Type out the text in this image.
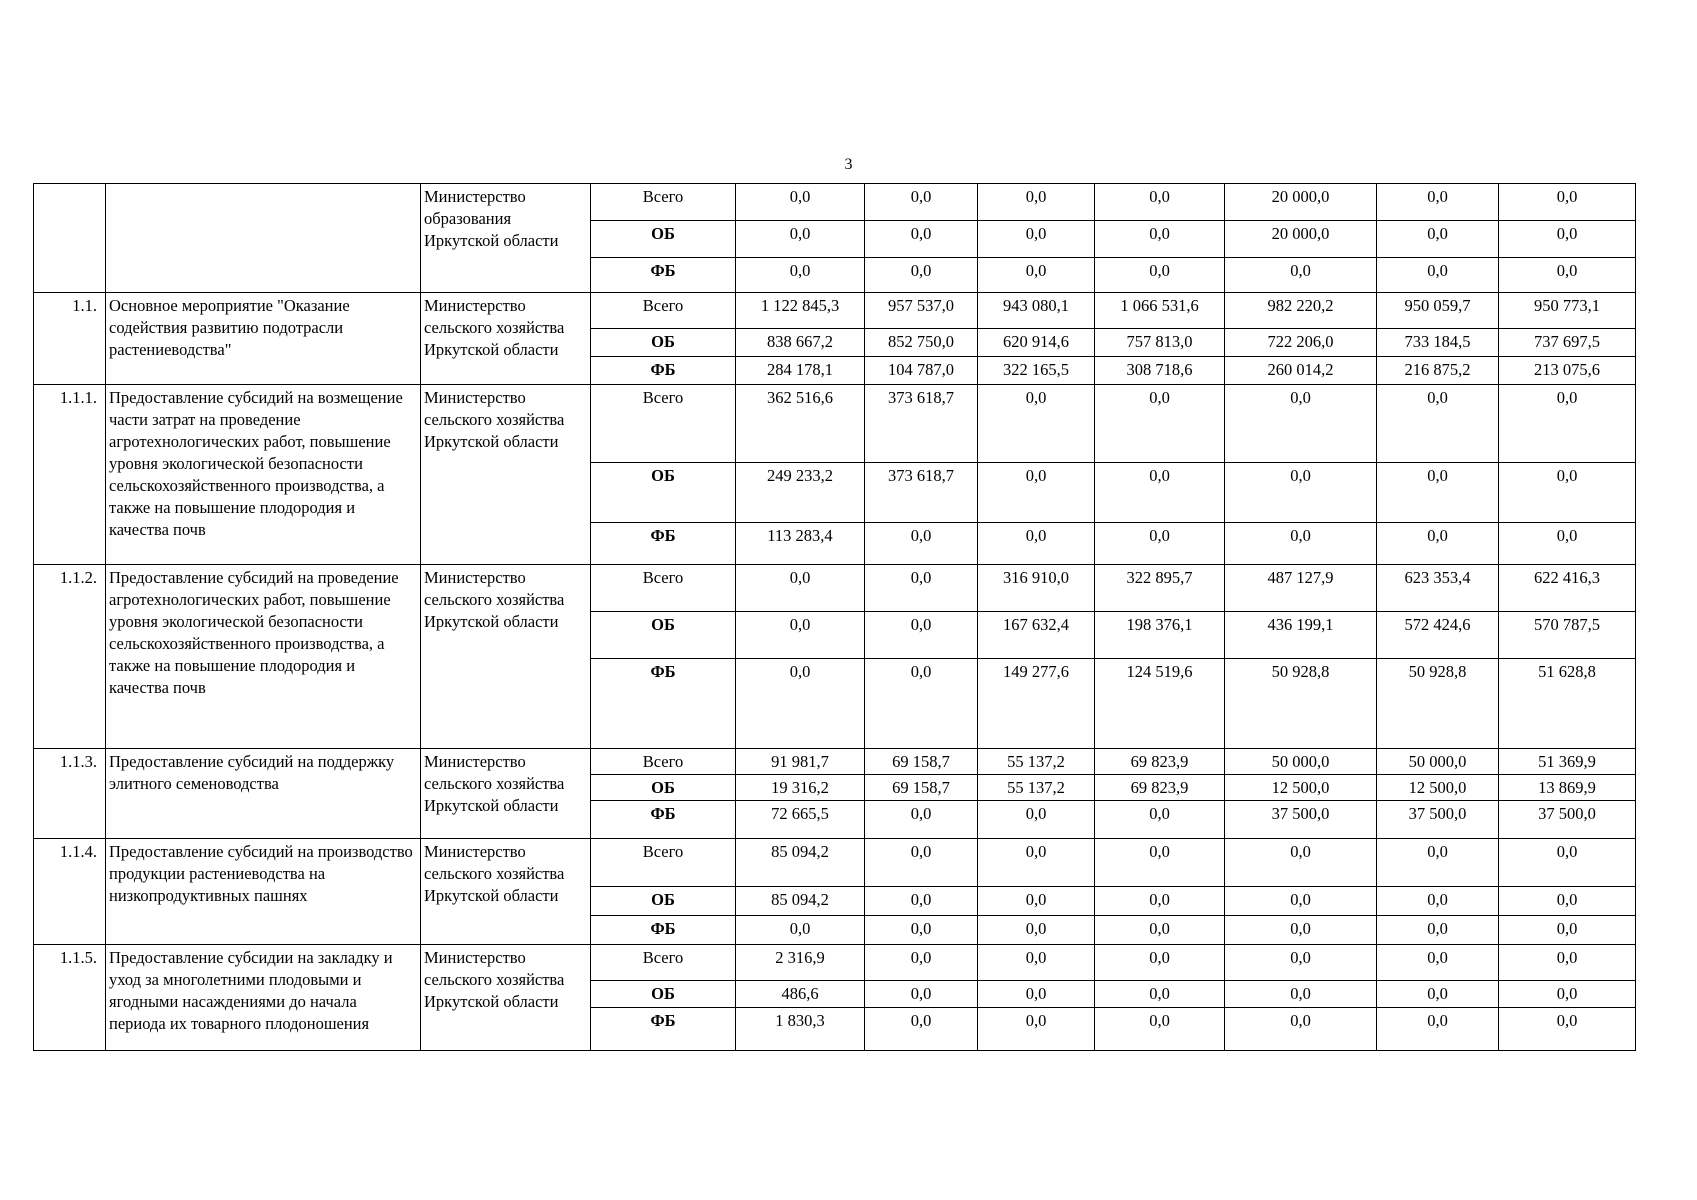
3
		Министерство образования Иркутской области	Всего	0,0	0,0	0,0	0,0	20 000,0	0,0	0,0
			ОБ	0,0	0,0	0,0	0,0	20 000,0	0,0	0,0
			ФБ	0,0	0,0	0,0	0,0	0,0	0,0	0,0
1.1.	Основное мероприятие "Оказание содействия развитию подотрасли растениеводства"	Министерство сельского хозяйства Иркутской области	Всего	1 122 845,3	957 537,0	943 080,1	1 066 531,6	982 220,2	950 059,7	950 773,1
			ОБ	838 667,2	852 750,0	620 914,6	757 813,0	722 206,0	733 184,5	737 697,5
			ФБ	284 178,1	104 787,0	322 165,5	308 718,6	260 014,2	216 875,2	213 075,6
1.1.1.	Предоставление субсидий на возмещение части затрат на проведение агротехнологических работ, повышение уровня экологической безопасности сельскохозяйственного производства, а также на повышение плодородия и качества почв	Министерство сельского хозяйства Иркутской области	Всего	362 516,6	373 618,7	0,0	0,0	0,0	0,0	0,0
			ОБ	249 233,2	373 618,7	0,0	0,0	0,0	0,0	0,0
			ФБ	113 283,4	0,0	0,0	0,0	0,0	0,0	0,0
1.1.2.	Предоставление субсидий на проведение агротехнологических работ, повышение уровня экологической безопасности сельскохозяйственного производства, а также на повышение плодородия и качества почв	Министерство сельского хозяйства Иркутской области	Всего	0,0	0,0	316 910,0	322 895,7	487 127,9	623 353,4	622 416,3
			ОБ	0,0	0,0	167 632,4	198 376,1	436 199,1	572 424,6	570 787,5
			ФБ	0,0	0,0	149 277,6	124 519,6	50 928,8	50 928,8	51 628,8
1.1.3.	Предоставление субсидий на поддержку элитного семеноводства	Министерство сельского хозяйства Иркутской области	Всего	91 981,7	69 158,7	55 137,2	69 823,9	50 000,0	50 000,0	51 369,9
			ОБ	19 316,2	69 158,7	55 137,2	69 823,9	12 500,0	12 500,0	13 869,9
			ФБ	72 665,5	0,0	0,0	0,0	37 500,0	37 500,0	37 500,0
1.1.4.	Предоставление субсидий на производство продукции растениеводства на низкопродуктивных пашнях	Министерство сельского хозяйства Иркутской области	Всего	85 094,2	0,0	0,0	0,0	0,0	0,0	0,0
			ОБ	85 094,2	0,0	0,0	0,0	0,0	0,0	0,0
			ФБ	0,0	0,0	0,0	0,0	0,0	0,0	0,0
1.1.5.	Предоставление субсидии на закладку и уход за многолетними плодовыми и ягодными насаждениями до начала периода их товарного плодоношения	Министерство сельского хозяйства Иркутской области	Всего	2 316,9	0,0	0,0	0,0	0,0	0,0	0,0
			ОБ	486,6	0,0	0,0	0,0	0,0	0,0	0,0
			ФБ	1 830,3	0,0	0,0	0,0	0,0	0,0	0,0
